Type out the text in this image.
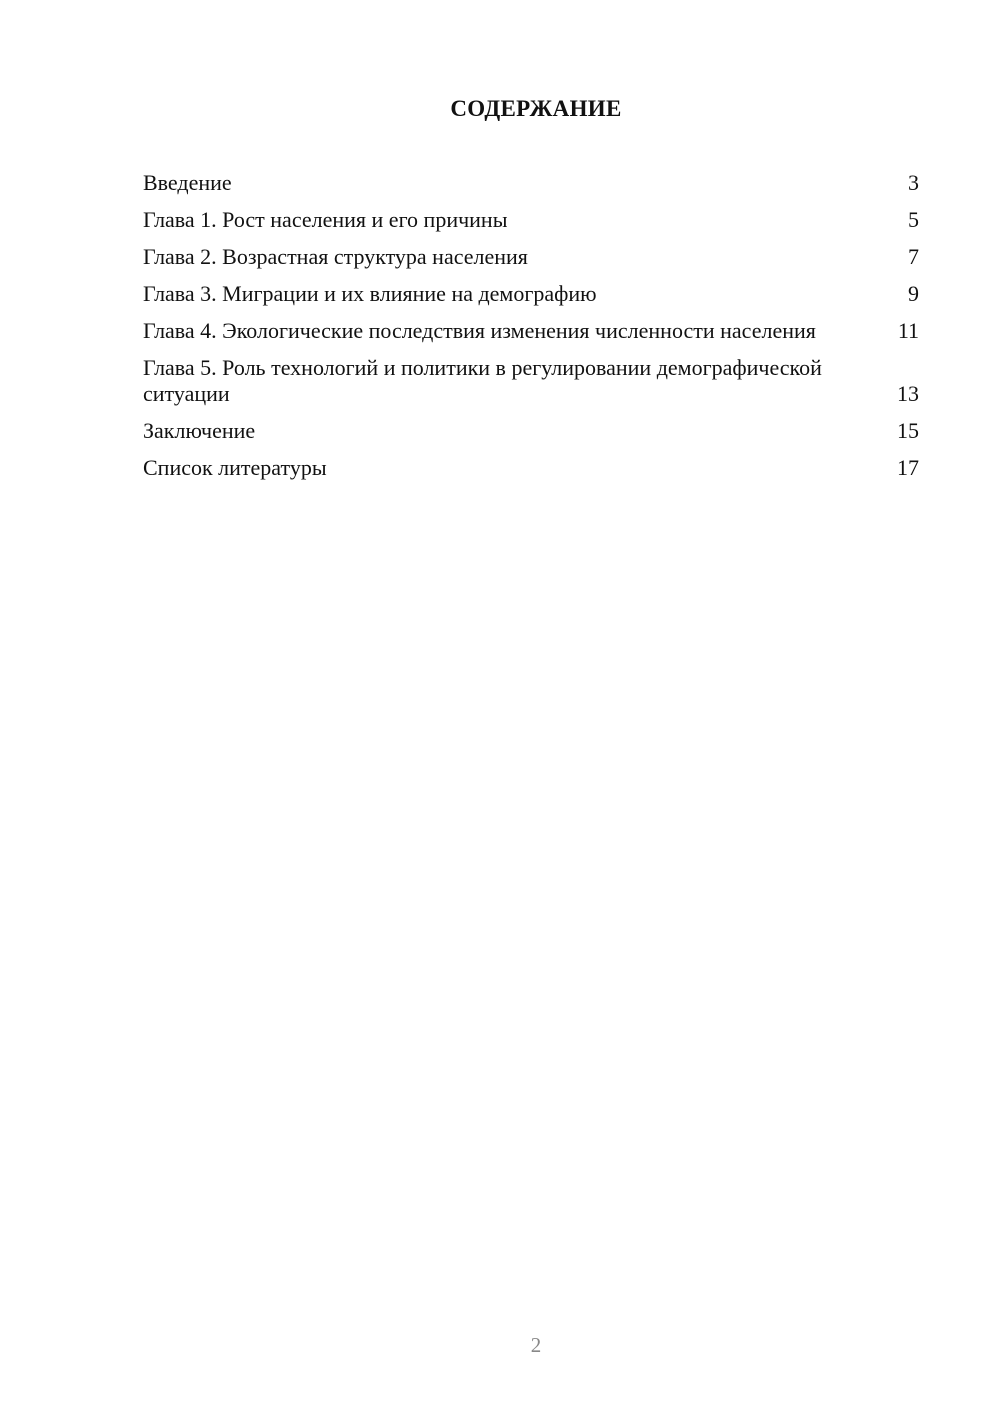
СОДЕРЖАНИЕ
Введение	3
Глава 1. Рост населения и его причины	5
Глава 2. Возрастная структура населения	7
Глава 3. Миграции и их влияние на демографию	9
Глава 4. Экологические последствия изменения численности населения	11
Глава 5. Роль технологий и политики в регулировании демографической ситуации	13
Заключение	15
Список литературы	17
2
